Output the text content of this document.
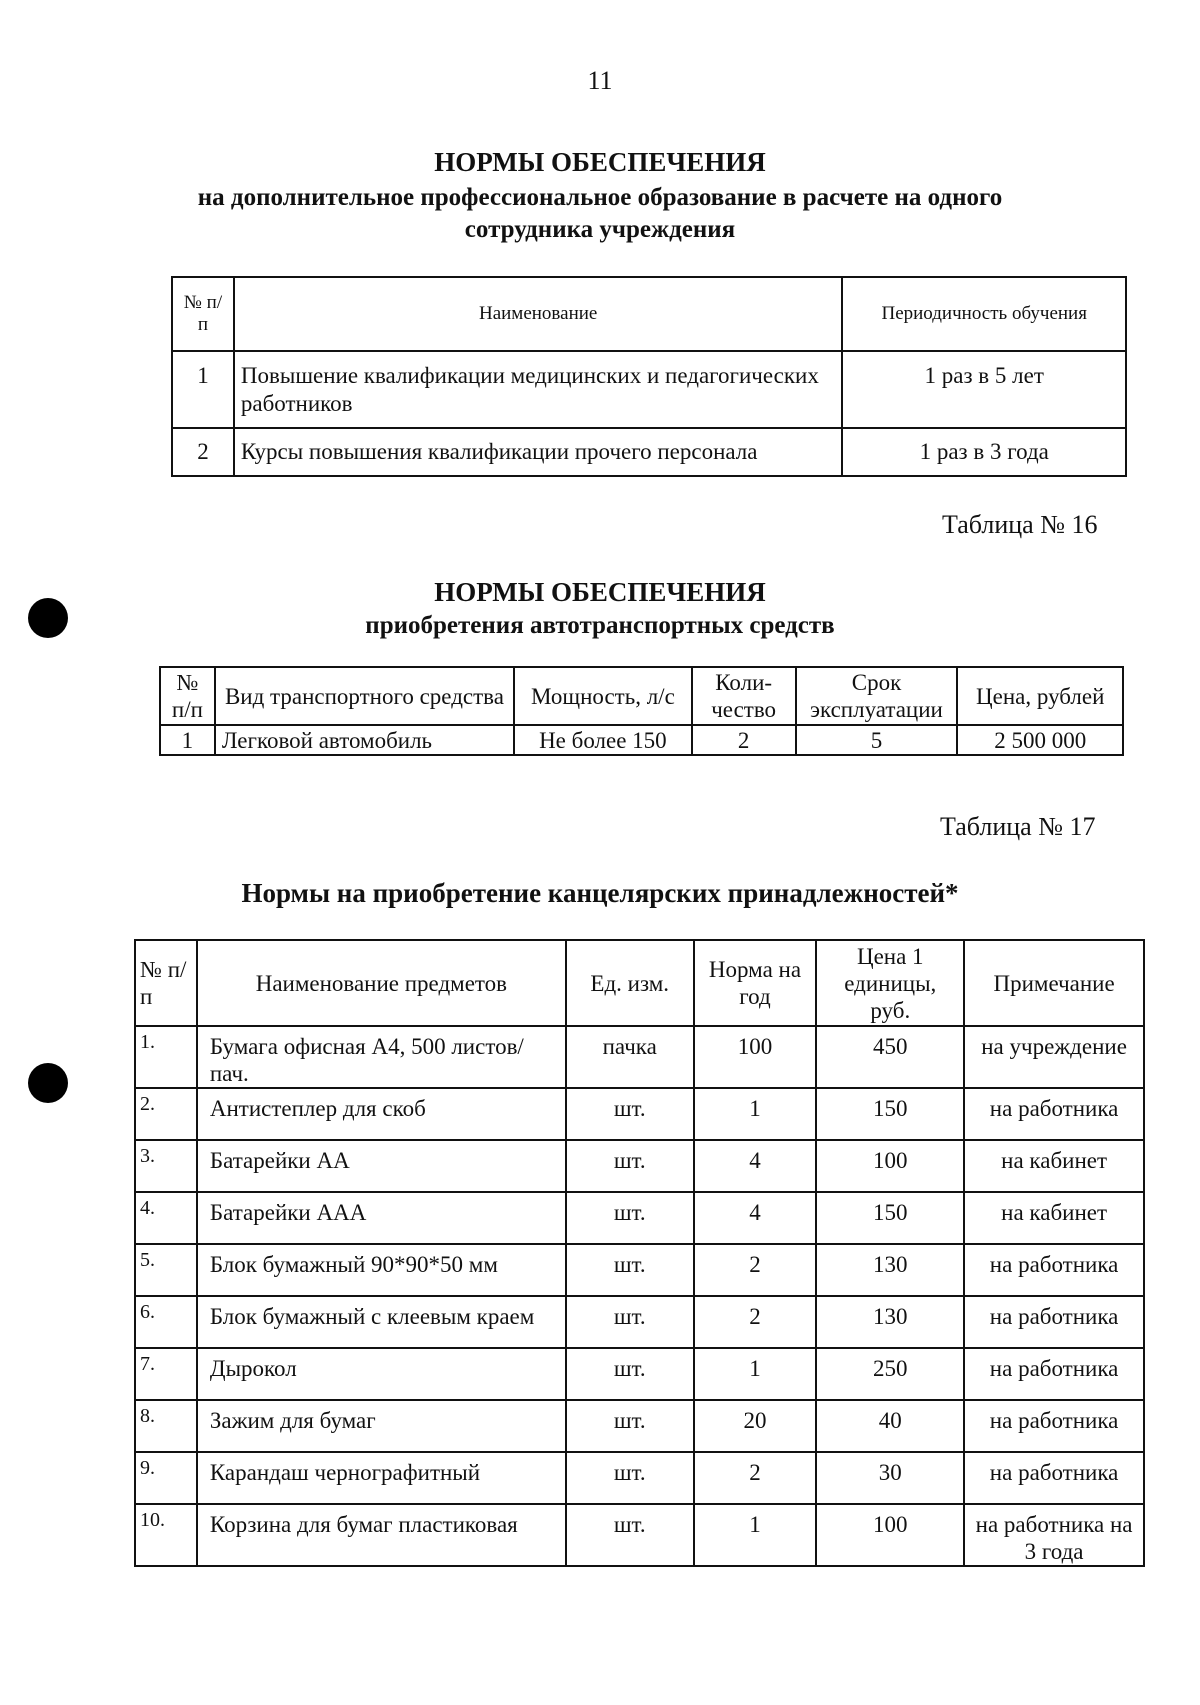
11
НОРМЫ ОБЕСПЕЧЕНИЯ
на дополнительное профессиональное образование в расчете на одного
сотрудника учреждения
№ п/п	Наименование	Периодичность обучения
1	Повышение квалификации медицинских и педагогических работников	1 раз в 5 лет
2	Курсы повышения квалификации прочего персонала	1 раз в 3 года
Таблица № 16
НОРМЫ ОБЕСПЕЧЕНИЯ
приобретения автотранспортных средств
№ п/п	Вид транспортного средства	Мощность, л/с	Коли-чество	Срок эксплуатации	Цена, рублей
1	Легковой автомобиль	Не более 150	2	5	2 500 000
Таблица № 17
Нормы на приобретение канцелярских принадлежностей*
№ п/п	Наименование предметов	Ед. изм.	Норма на год	Цена 1 единицы, руб.	Примечание
1.	Бумага офисная А4, 500 листов/пач.	пачка	100	450	на учреждение
2.	Антистеплер для скоб	шт.	1	150	на работника
3.	Батарейки АА	шт.	4	100	на кабинет
4.	Батарейки ААА	шт.	4	150	на кабинет
5.	Блок бумажный 90*90*50 мм	шт.	2	130	на работника
6.	Блок бумажный с клеевым краем	шт.	2	130	на работника
7.	Дырокол	шт.	1	250	на работника
8.	Зажим для бумаг	шт.	20	40	на работника
9.	Карандаш чернографитный	шт.	2	30	на работника
10.	Корзина для бумаг пластиковая	шт.	1	100	на работника на 3 года
